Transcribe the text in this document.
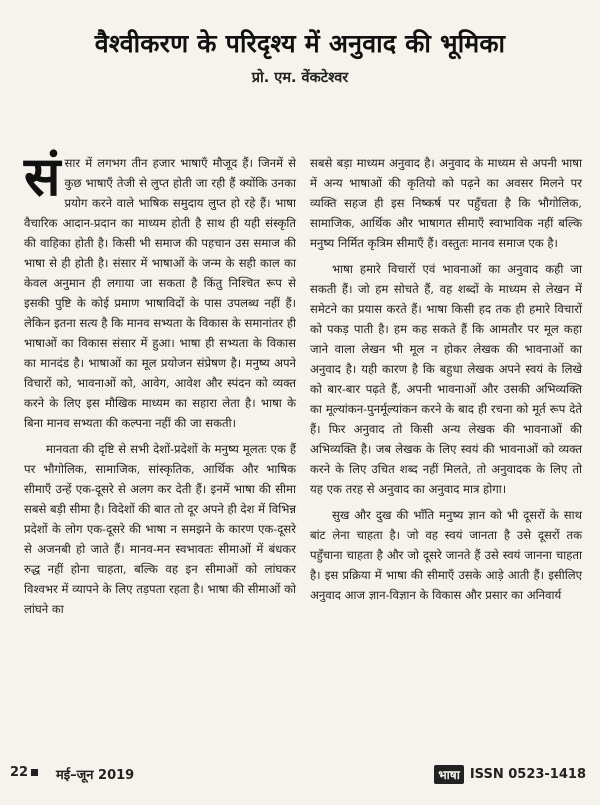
वैश्वीकरण के परिदृश्य में अनुवाद की भूमिका
प्रो. एम. वेंकटेश्वर

संसार में लगभग तीन हजार भाषाएँ मौजूद हैं। जिनमें से कुछ भाषाएँ तेजी से लुप्त होती जा रही हैं क्योंकि उनका प्रयोग करने वाले भाषिक समुदाय लुप्त हो रहे हैं। भाषा वैचारिक आदान-प्रदान का माध्यम होती है साथ ही यही संस्कृति की वाहिका होती है। किसी भी समाज की पहचान उस समाज की भाषा से ही होती है। संसार में भाषाओं के जन्म के सही काल का केवल अनुमान ही लगाया जा सकता है किंतु निश्चित रूप से इसकी पुष्टि के कोई प्रमाण भाषाविदों के पास उपलब्ध नहीं हैं। लेकिन इतना सत्य है कि मानव सभ्यता के विकास के समानांतर ही भाषाओं का विकास संसार में हुआ। भाषा ही सभ्यता के विकास का मानदंड है। भाषाओं का मूल प्रयोजन संप्रेषण है। मनुष्य अपने विचारों को, भावनाओं को, आवेग, आवेश और स्पंदन को व्यक्त करने के लिए इस मौखिक माध्यम का सहारा लेता है। भाषा के बिना मानव सभ्यता की कल्पना नहीं की जा सकती।

मानवता की दृष्टि से सभी देशों-प्रदेशों के मनुष्य मूलतः एक हैं पर भौगोलिक, सामाजिक, सांस्कृतिक, आर्थिक और भाषिक सीमाएँ उन्हें एक-दूसरे से अलग कर देती हैं। इनमें भाषा की सीमा सबसे बड़ी सीमा है। विदेशों की बात तो दूर अपने ही देश में विभिन्न प्रदेशों के लोग एक-दूसरे की भाषा न समझने के कारण एक-दूसरे से अजनबी हो जाते हैं। मानव-मन स्वभावतः सीमाओं में बंधकर रुद्ध नहीं होना चाहता, बल्कि वह इन सीमाओं को लांघकर विश्वभर में व्यापने के लिए तड़पता रहता है। भाषा की सीमाओं को लांघने का

सबसे बड़ा माध्यम अनुवाद है। अनुवाद के माध्यम से अपनी भाषा में अन्य भाषाओं की कृतियो को पढ़ने का अवसर मिलने पर व्यक्ति सहज ही इस निष्कर्ष पर पहुँचता है कि भौगोलिक, सामाजिक, आर्थिक और भाषागत सीमाएँ स्वाभाविक नहीं बल्कि मनुष्य निर्मित कृत्रिम सीमाएँ हैं। वस्तुतः मानव समाज एक है।

भाषा हमारे विचारों एवं भावनाओं का अनुवाद कही जा सकती हैं। जो हम सोचते हैं, वह शब्दों के माध्यम से लेखन में समेटने का प्रयास करते हैं। भाषा किसी हद तक ही हमारे विचारों को पकड़ पाती है। हम कह सकते हैं कि आमतौर पर मूल कहा जाने वाला लेखन भी मूल न होकर लेखक की भावनाओं का अनुवाद है। यही कारण है कि बहुधा लेखक अपने स्वयं के लिखे को बार-बार पढ़ते हैं, अपनी भावनाओं और उसकी अभिव्यक्ति का मूल्यांकन-पुनर्मूल्यांकन करने के बाद ही रचना को मूर्त रूप देते हैं। फिर अनुवाद तो किसी अन्य लेखक की भावनाओं की अभिव्यक्ति है। जब लेखक के लिए स्वयं की भावनाओं को व्यक्त करने के लिए उचित शब्द नहीं मिलते, तो अनुवादक के लिए तो यह एक तरह से अनुवाद का अनुवाद मात्र होगा।

सुख और दुख की भाँति मनुष्य ज्ञान को भी दूसरों के साथ बांट लेना चाहता है। जो वह स्वयं जानता है उसे दूसरों तक पहुँचाना चाहता है और जो दूसरे जानते हैं उसे स्वयं जानना चाहता है। इस प्रक्रिया में भाषा की सीमाएँ उसके आड़े आती हैं। इसीलिए अनुवाद आज ज्ञान-विज्ञान के विकास और प्रसार का अनिवार्य

22	मई–जून 2019	भाषा ISSN 0523-1418
